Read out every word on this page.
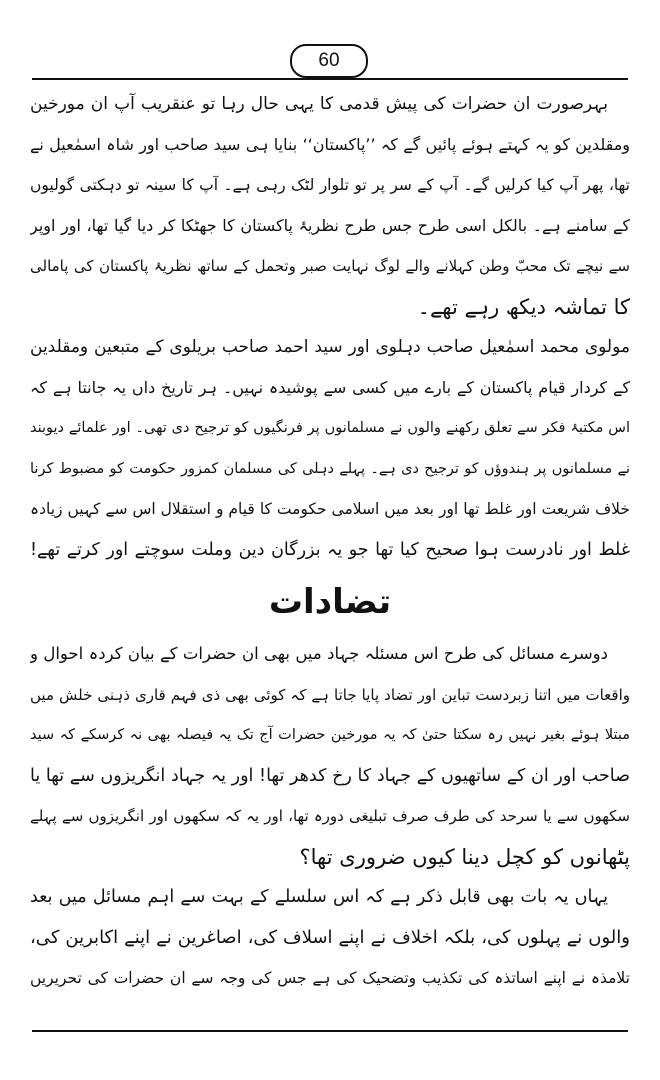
60
بہرصورت ان حضرات کی پیش قدمی کا یہی حال رہا تو عنقریب آپ ان مورخین
ومقلدین کو یہ کہتے ہوئے پائیں گے کہ ’’پاکستان‘‘ بنایا ہی سید صاحب اور شاہ اسمٰعیل نے
تھا، پھر آپ کیا کرلیں گے۔ آپ کے سر پر تو تلوار لٹک رہی ہے۔ آپ کا سینہ تو دہکتی گولیوں
کے سامنے ہے۔ بالکل اسی طرح جس طرح نظریۂ پاکستان کا جھٹکا کر دیا گیا تھا، اور اوپر
سے نیچے تک محبّ وطن کہلانے والے لوگ نہایت صبر وتحمل کے ساتھ نظریۂ پاکستان کی پامالی
کا تماشہ دیکھ رہے تھے۔
مولوی محمد اسمٰعیل صاحب دہلوی اور سید احمد صاحب بریلوی کے متبعین ومقلدین
کے کردار قیام پاکستان کے بارے میں کسی سے پوشیدہ نہیں۔ ہر تاریخ داں یہ جانتا ہے کہ
اس مکتبۂ فکر سے تعلق رکھنے والوں نے مسلمانوں پر فرنگیوں کو ترجیح دی تھی۔ اور علمائے دیوبند
نے مسلمانوں پر ہندوؤں کو ترجیح دی ہے۔ پہلے دہلی کی مسلمان کمزور حکومت کو مضبوط کرنا
خلاف شریعت اور غلط تھا اور بعد میں اسلامی حکومت کا قیام و استقلال اس سے کہیں زیادہ
غلط اور نادرست ہوا صحیح کیا تھا جو یہ بزرگان دین وملت سوچتے اور کرتے تھے!
تضادات
دوسرے مسائل کی طرح اس مسئلہ جہاد میں بھی ان حضرات کے بیان کردہ احوال و
واقعات میں اتنا زبردست تباین اور تضاد پایا جاتا ہے کہ کوئی بھی ذی فہم قاری ذہنی خلش میں
مبتلا ہوئے بغیر نہیں رہ سکتا حتیٰ کہ یہ مورخین حضرات آج تک یہ فیصلہ بھی نہ کرسکے کہ سید
صاحب اور ان کے ساتھیوں کے جہاد کا رخ کدھر تھا! اور یہ جہاد انگریزوں سے تھا یا
سکھوں سے یا سرحد کی طرف صرف تبلیغی دورہ تھا، اور یہ کہ سکھوں اور انگریزوں سے پہلے
پٹھانوں کو کچل دینا کیوں ضروری تھا؟
یہاں یہ بات بھی قابل ذکر ہے کہ اس سلسلے کے بہت سے اہم مسائل میں بعد
والوں نے پہلوں کی، بلکہ اخلاف نے اپنے اسلاف کی، اصاغرین نے اپنے اکابرین کی،
تلامذہ نے اپنے اساتذہ کی تکذیب وتضحیک کی ہے جس کی وجہ سے ان حضرات کی تحریریں
